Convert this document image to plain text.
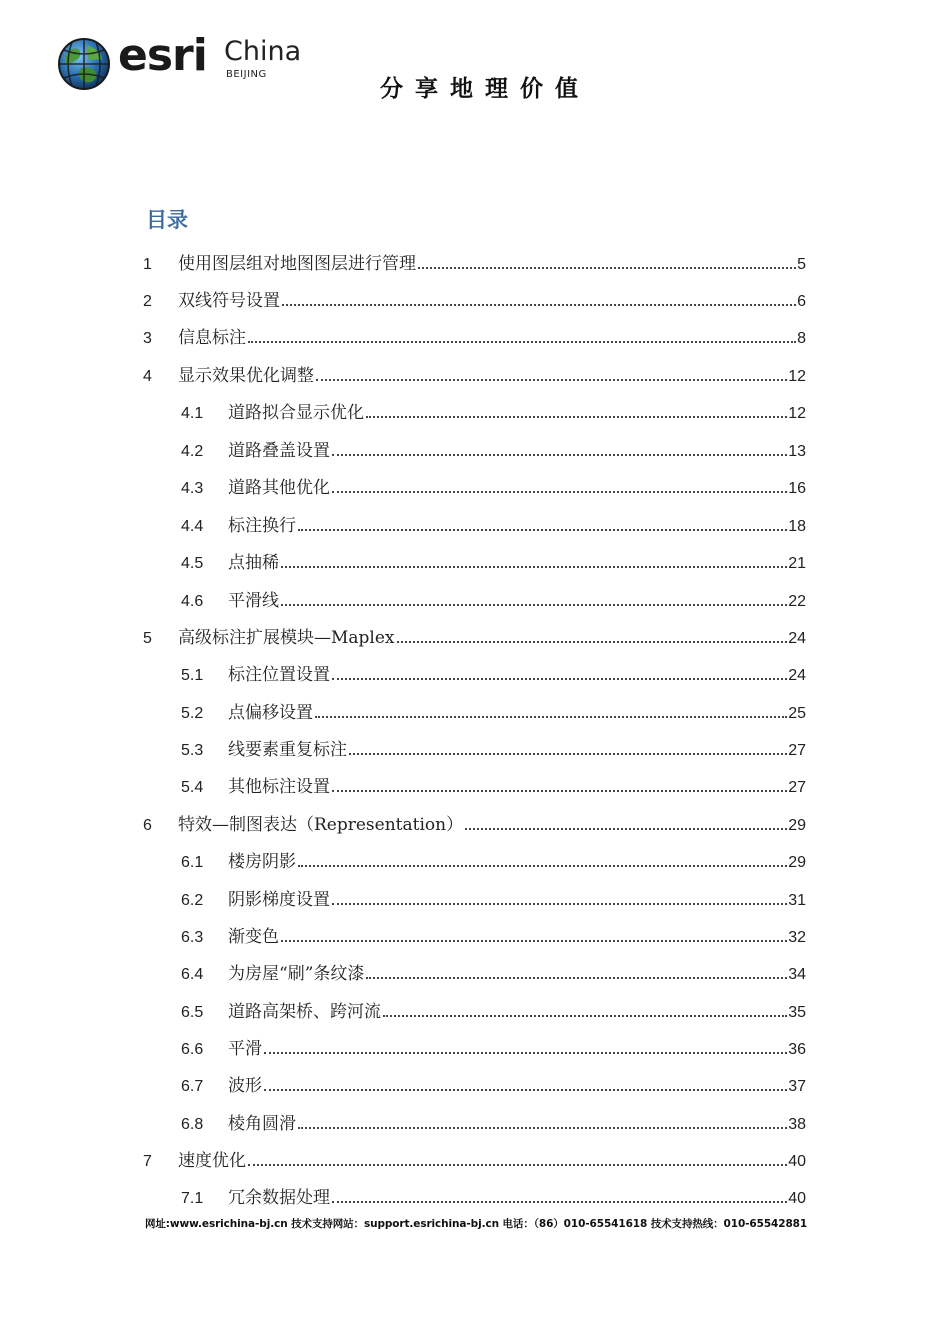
esri China
BEIJING
分享地理价值
目录
1	使用图层组对地图图层进行管理	5
2	双线符号设置	6
3	信息标注	8
4	显示效果优化调整	12
4.1	道路拟合显示优化	12
4.2	道路叠盖设置	13
4.3	道路其他优化	16
4.4	标注换行	18
4.5	点抽稀	21
4.6	平滑线	22
5	高级标注扩展模块—Maplex	24
5.1	标注位置设置	24
5.2	点偏移设置	25
5.3	线要素重复标注	27
5.4	其他标注设置	27
6	特效—制图表达（Representation）	29
6.1	楼房阴影	29
6.2	阴影梯度设置	31
6.3	渐变色	32
6.4	为房屋“刷”条纹漆	34
6.5	道路高架桥、跨河流	35
6.6	平滑	36
6.7	波形	37
6.8	棱角圆滑	38
7	速度优化	40
7.1	冗余数据处理	40
网址:www.esrichina-bj.cn 技术支持网站：support.esrichina-bj.cn 电话：（86）010-65541618 技术支持热线：010-65542881
